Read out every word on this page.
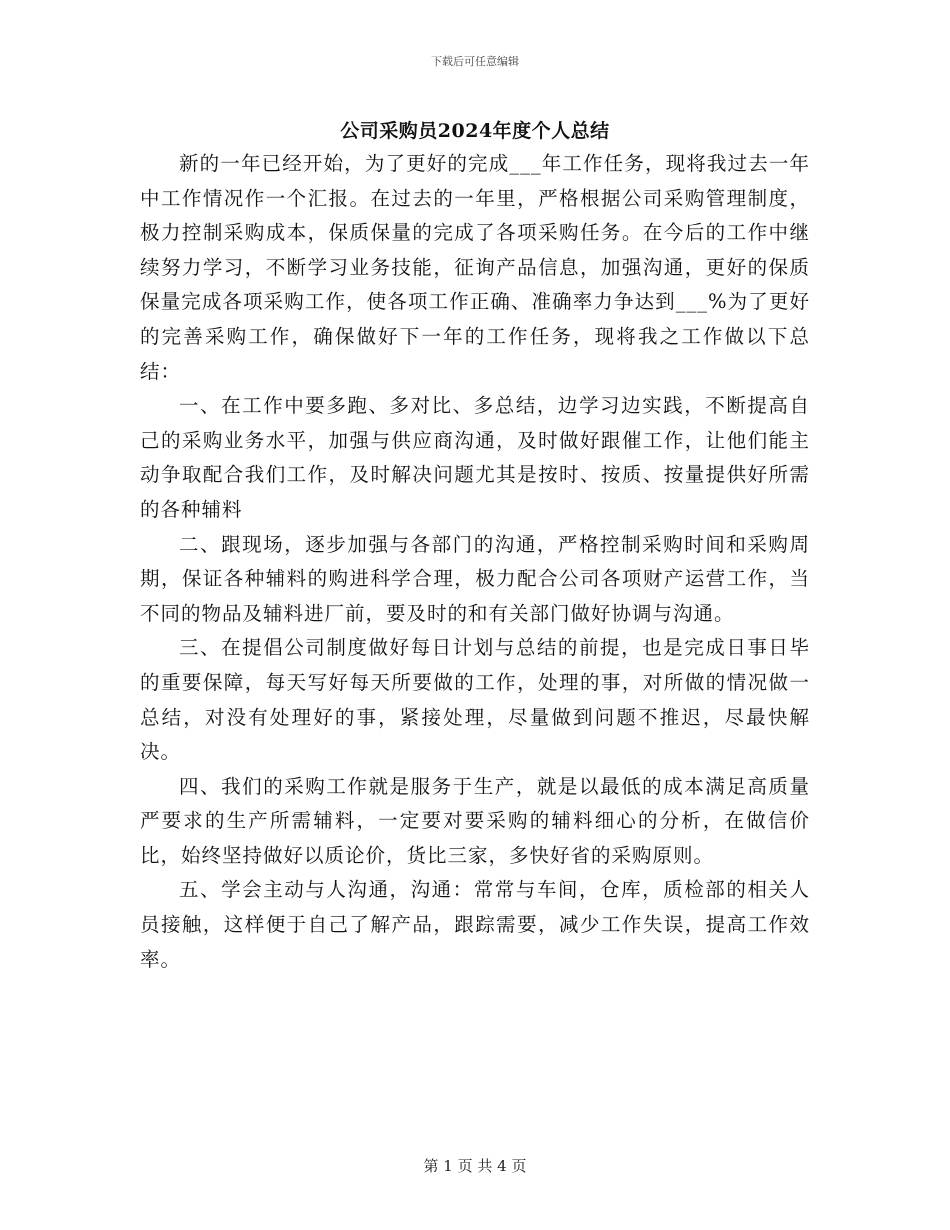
下载后可任意编辑
公司采购员2024年度个人总结

新的一年已经开始，为了更好的完成___年工作任务，现将我过去一年中工作情况作一个汇报。在过去的一年里，严格根据公司采购管理制度，极力控制采购成本，保质保量的完成了各项采购任务。在今后的工作中继续努力学习，不断学习业务技能，征询产品信息，加强沟通，更好的保质保量完成各项采购工作，使各项工作正确、准确率力争达到___%为了更好的完善采购工作，确保做好下一年的工作任务，现将我之工作做以下总结：

一、在工作中要多跑、多对比、多总结，边学习边实践，不断提高自己的采购业务水平，加强与供应商沟通，及时做好跟催工作，让他们能主动争取配合我们工作，及时解决问题尤其是按时、按质、按量提供好所需的各种辅料

二、跟现场，逐步加强与各部门的沟通，严格控制采购时间和采购周期，保证各种辅料的购进科学合理，极力配合公司各项财产运营工作，当不同的物品及辅料进厂前，要及时的和有关部门做好协调与沟通。

三、在提倡公司制度做好每日计划与总结的前提，也是完成日事日毕的重要保障，每天写好每天所要做的工作，处理的事，对所做的情况做一总结，对没有处理好的事，紧接处理，尽量做到问题不推迟，尽最快解决。

四、我们的采购工作就是服务于生产，就是以最低的成本满足高质量严要求的生产所需辅料，一定要对要采购的辅料细心的分析，在做信价比，始终坚持做好以质论价，货比三家，多快好省的采购原则。

五、学会主动与人沟通，沟通：常常与车间，仓库，质检部的相关人员接触，这样便于自己了解产品，跟踪需要，减少工作失误，提高工作效率。

第 1 页 共 4 页
